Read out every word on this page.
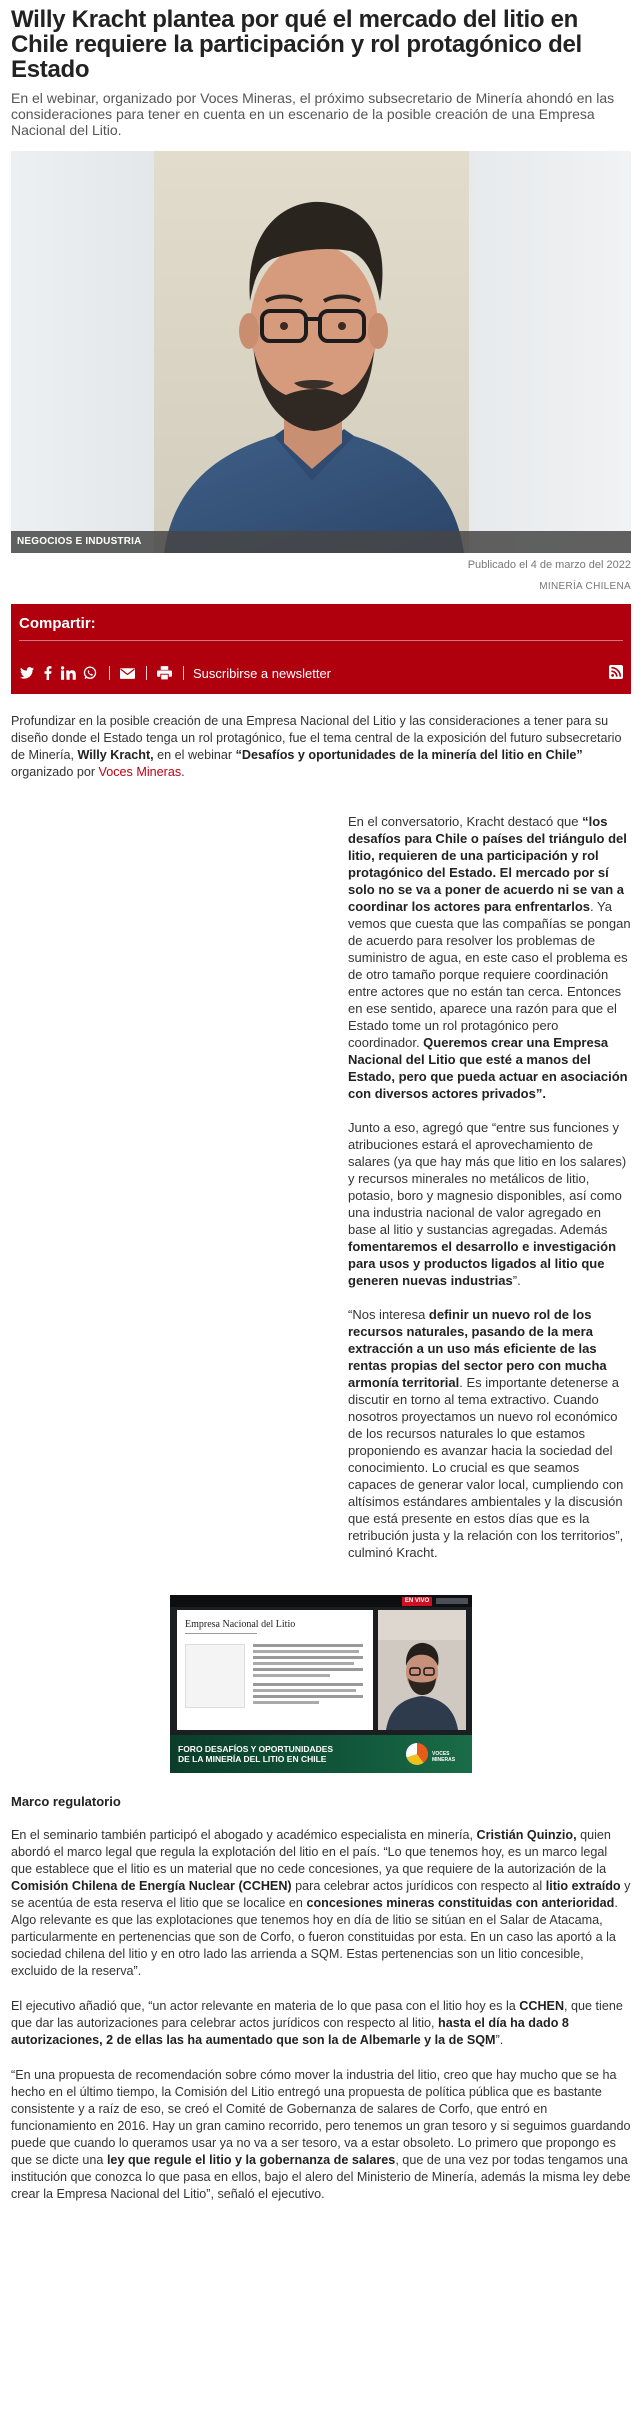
Willy Kracht plantea por qué el mercado del litio en Chile requiere la participación y rol protagónico del Estado

En el webinar, organizado por Voces Mineras, el próximo subsecretario de Minería ahondó en las consideraciones para tener en cuenta en un escenario de la posible creación de una Empresa Nacional del Litio.

NEGOCIOS E INDUSTRIA
Publicado el 4 de marzo del 2022
MINERÍA CHILENA
Compartir:
Suscribirse a newsletter

Profundizar en la posible creación de una Empresa Nacional del Litio y las consideraciones a tener para su diseño donde el Estado tenga un rol protagónico, fue el tema central de la exposición del futuro subsecretario de Minería, Willy Kracht, en el webinar “Desafíos y oportunidades de la minería del litio en Chile” organizado por Voces Mineras.

En el conversatorio, Kracht destacó que “los desafíos para Chile o países del triángulo del litio, requieren de una participación y rol protagónico del Estado. El mercado por sí solo no se va a poner de acuerdo ni se van a coordinar los actores para enfrentarlos. Ya vemos que cuesta que las compañías se pongan de acuerdo para resolver los problemas de suministro de agua, en este caso el problema es de otro tamaño porque requiere coordinación entre actores que no están tan cerca. Entonces en ese sentido, aparece una razón para que el Estado tome un rol protagónico pero coordinador. Queremos crear una Empresa Nacional del Litio que esté a manos del Estado, pero que pueda actuar en asociación con diversos actores privados”.

Junto a eso, agregó que “entre sus funciones y atribuciones estará el aprovechamiento de salares (ya que hay más que litio en los salares) y recursos minerales no metálicos de litio, potasio, boro y magnesio disponibles, así como una industria nacional de valor agregado en base al litio y sustancias agregadas. Además fomentaremos el desarrollo e investigación para usos y productos ligados al litio que generen nuevas industrias”.

“Nos interesa definir un nuevo rol de los recursos naturales, pasando de la mera extracción a un uso más eficiente de las rentas propias del sector pero con mucha armonía territorial. Es importante detenerse a discutir en torno al tema extractivo. Cuando nosotros proyectamos un nuevo rol económico de los recursos naturales lo que estamos proponiendo es avanzar hacia la sociedad del conocimiento. Lo crucial es que seamos capaces de generar valor local, cumpliendo con altísimos estándares ambientales y la discusión que está presente en estos días que es la retribución justa y la relación con los territorios”, culminó Kracht.

EN VIVO
Empresa Nacional del Litio
FORO DESAFÍOS Y OPORTUNIDADES
DE LA MINERÍA DEL LITIO EN CHILE	VOCES MINERAS
Marco regulatorio

En el seminario también participó el abogado y académico especialista en minería, Cristián Quinzio, quien abordó el marco legal que regula la explotación del litio en el país. “Lo que tenemos hoy, es un marco legal que establece que el litio es un material que no cede concesiones, ya que requiere de la autorización de la Comisión Chilena de Energía Nuclear (CCHEN) para celebrar actos jurídicos con respecto al litio extraído y se acentúa de esta reserva el litio que se localice en concesiones mineras constituidas con anterioridad. Algo relevante es que las explotaciones que tenemos hoy en día de litio se sitúan en el Salar de Atacama, particularmente en pertenencias que son de Corfo, o fueron constituidas por esta. En un caso las aportó a la sociedad chilena del litio y en otro lado las arrienda a SQM. Estas pertenencias son un litio concesible, excluido de la reserva”.

El ejecutivo añadió que, “un actor relevante en materia de lo que pasa con el litio hoy es la CCHEN, que tiene que dar las autorizaciones para celebrar actos jurídicos con respecto al litio, hasta el día ha dado 8 autorizaciones, 2 de ellas las ha aumentado que son la de Albemarle y la de SQM”.

“En una propuesta de recomendación sobre cómo mover la industria del litio, creo que hay mucho que se ha hecho en el último tiempo, la Comisión del Litio entregó una propuesta de política pública que es bastante consistente y a raíz de eso, se creó el Comité de Gobernanza de salares de Corfo, que entró en funcionamiento en 2016. Hay un gran camino recorrido, pero tenemos un gran tesoro y si seguimos guardando puede que cuando lo queramos usar ya no va a ser tesoro, va a estar obsoleto. Lo primero que propongo es que se dicte una ley que regule el litio y la gobernanza de salares, que de una vez por todas tengamos una institución que conozca lo que pasa en ellos, bajo el alero del Ministerio de Minería, además la misma ley debe crear la Empresa Nacional del Litio”, señaló el ejecutivo.
